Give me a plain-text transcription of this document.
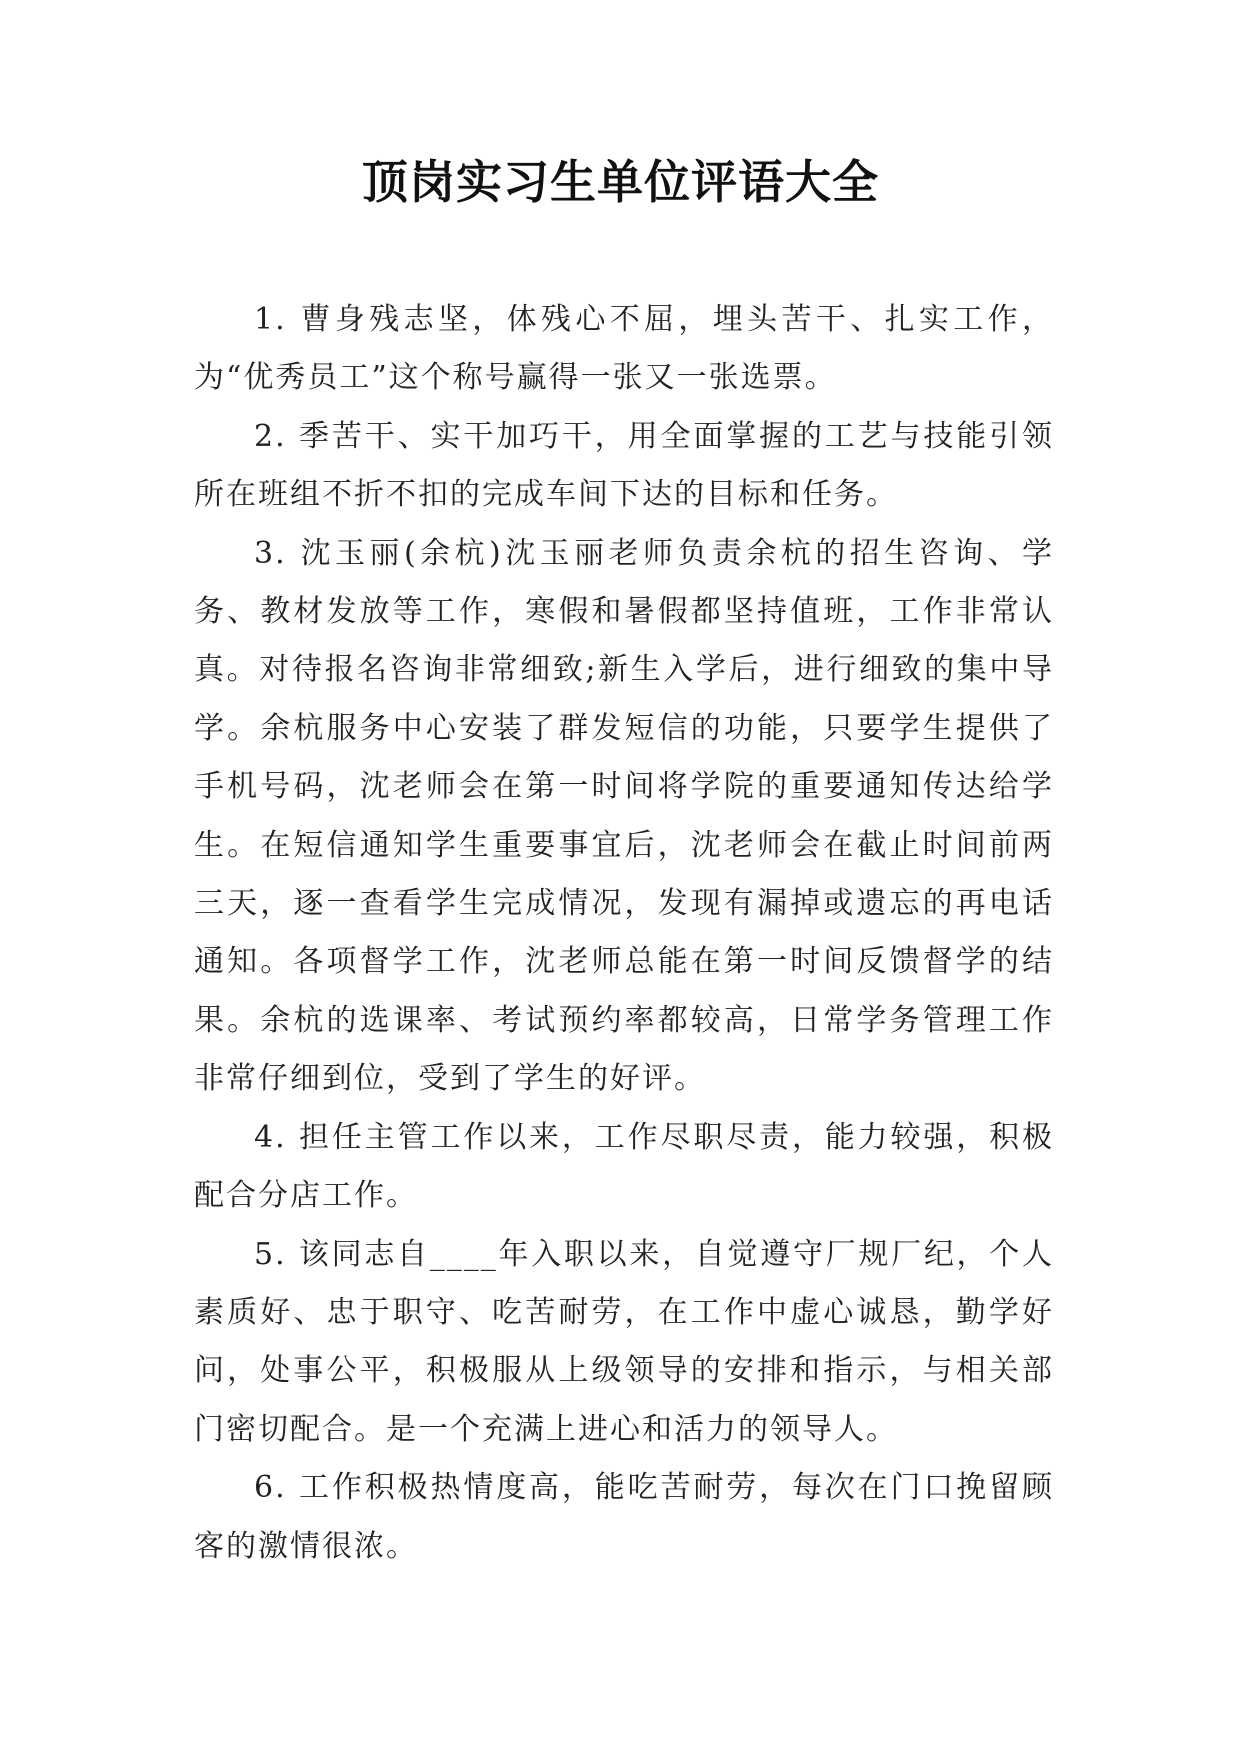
顶岗实习生单位评语大全

1. 曹身残志坚，体残心不屈，埋头苦干、扎实工作，为“优秀员工”这个称号赢得一张又一张选票。

2. 季苦干、实干加巧干，用全面掌握的工艺与技能引领所在班组不折不扣的完成车间下达的目标和任务。

3. 沈玉丽(余杭)沈玉丽老师负责余杭的招生咨询、学务、教材发放等工作，寒假和暑假都坚持值班，工作非常认真。对待报名咨询非常细致;新生入学后，进行细致的集中导学。余杭服务中心安装了群发短信的功能，只要学生提供了手机号码，沈老师会在第一时间将学院的重要通知传达给学生。在短信通知学生重要事宜后，沈老师会在截止时间前两三天，逐一查看学生完成情况，发现有漏掉或遗忘的再电话通知。各项督学工作，沈老师总能在第一时间反馈督学的结果。余杭的选课率、考试预约率都较高，日常学务管理工作非常仔细到位，受到了学生的好评。

4. 担任主管工作以来，工作尽职尽责，能力较强，积极配合分店工作。

5. 该同志自____年入职以来，自觉遵守厂规厂纪，个人素质好、忠于职守、吃苦耐劳，在工作中虚心诚恳，勤学好问，处事公平，积极服从上级领导的安排和指示，与相关部门密切配合。是一个充满上进心和活力的领导人。

6. 工作积极热情度高，能吃苦耐劳，每次在门口挽留顾客的激情很浓。
